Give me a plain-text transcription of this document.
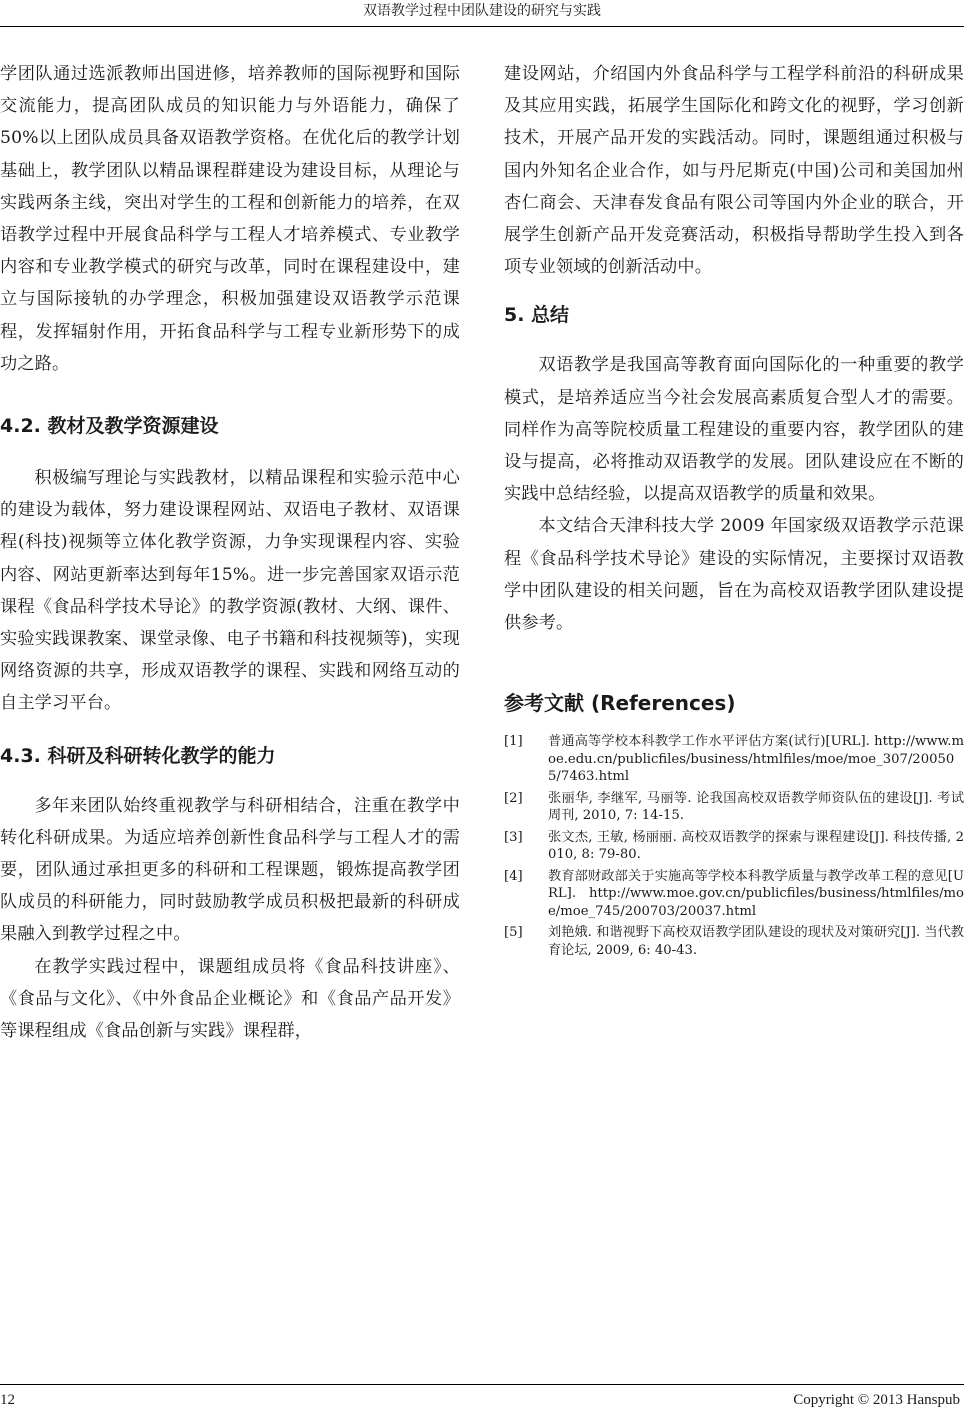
双语教学过程中团队建设的研究与实践

学团队通过选派教师出国进修，培养教师的国际视野和国际交流能力，提高团队成员的知识能力与外语能力，确保了50%以上团队成员具备双语教学资格。在优化后的教学计划基础上，教学团队以精品课程群建设为建设目标，从理论与实践两条主线，突出对学生的工程和创新能力的培养，在双语教学过程中开展食品科学与工程人才培养模式、专业教学内容和专业教学模式的研究与改革，同时在课程建设中，建立与国际接轨的办学理念，积极加强建设双语教学示范课程，发挥辐射作用，开拓食品科学与工程专业新形势下的成功之路。

4.2. 教材及教学资源建设

积极编写理论与实践教材，以精品课程和实验示范中心的建设为载体，努力建设课程网站、双语电子教材、双语课程(科技)视频等立体化教学资源，力争实现课程内容、实验内容、网站更新率达到每年15%。进一步完善国家双语示范课程《食品科学技术导论》的教学资源(教材、大纲、课件、实验实践课教案、课堂录像、电子书籍和科技视频等)，实现网络资源的共享，形成双语教学的课程、实践和网络互动的自主学习平台。

4.3. 科研及科研转化教学的能力

多年来团队始终重视教学与科研相结合，注重在教学中转化科研成果。为适应培养创新性食品科学与工程人才的需要，团队通过承担更多的科研和工程课题，锻炼提高教学团队成员的科研能力，同时鼓励教学成员积极把最新的科研成果融入到教学过程之中。

在教学实践过程中，课题组成员将《食品科技讲座》、《食品与文化》、《中外食品企业概论》和《食品产品开发》等课程组成《食品创新与实践》课程群，

建设网站，介绍国内外食品科学与工程学科前沿的科研成果及其应用实践，拓展学生国际化和跨文化的视野，学习创新技术，开展产品开发的实践活动。同时，课题组通过积极与国内外知名企业合作，如与丹尼斯克(中国)公司和美国加州杏仁商会、天津春发食品有限公司等国内外企业的联合，开展学生创新产品开发竞赛活动，积极指导帮助学生投入到各项专业领域的创新活动中。

5. 总结

双语教学是我国高等教育面向国际化的一种重要的教学模式，是培养适应当今社会发展高素质复合型人才的需要。同样作为高等院校质量工程建设的重要内容，教学团队的建设与提高，必将推动双语教学的发展。团队建设应在不断的实践中总结经验，以提高双语教学的质量和效果。

本文结合天津科技大学 2009 年国家级双语教学示范课程《食品科学技术导论》建设的实际情况，主要探讨双语教学中团队建设的相关问题，旨在为高校双语教学团队建设提供参考。

参考文献 (References)
[1]	普通高等学校本科教学工作水平评估方案(试行)[URL]. http://www.moe.edu.cn/publicfiles/business/htmlfiles/moe/moe_307/200505/7463.html
[2]	张丽华, 李继军, 马丽等. 论我国高校双语教学师资队伍的建设[J]. 考试周刊, 2010, 7: 14-15.
[3]	张文杰, 王敏, 杨丽丽. 高校双语教学的探索与课程建设[J]. 科技传播, 2010, 8: 79-80.
[4]	教育部财政部关于实施高等学校本科教学质量与教学改革工程的意见[URL]. http://www.moe.gov.cn/publicfiles/business/htmlfiles/moe/moe_745/200703/20037.html
[5]	刘艳娥. 和谐视野下高校双语教学团队建设的现状及对策研究[J]. 当代教育论坛, 2009, 6: 40-43.
12	Copyright © 2013 Hanspub
